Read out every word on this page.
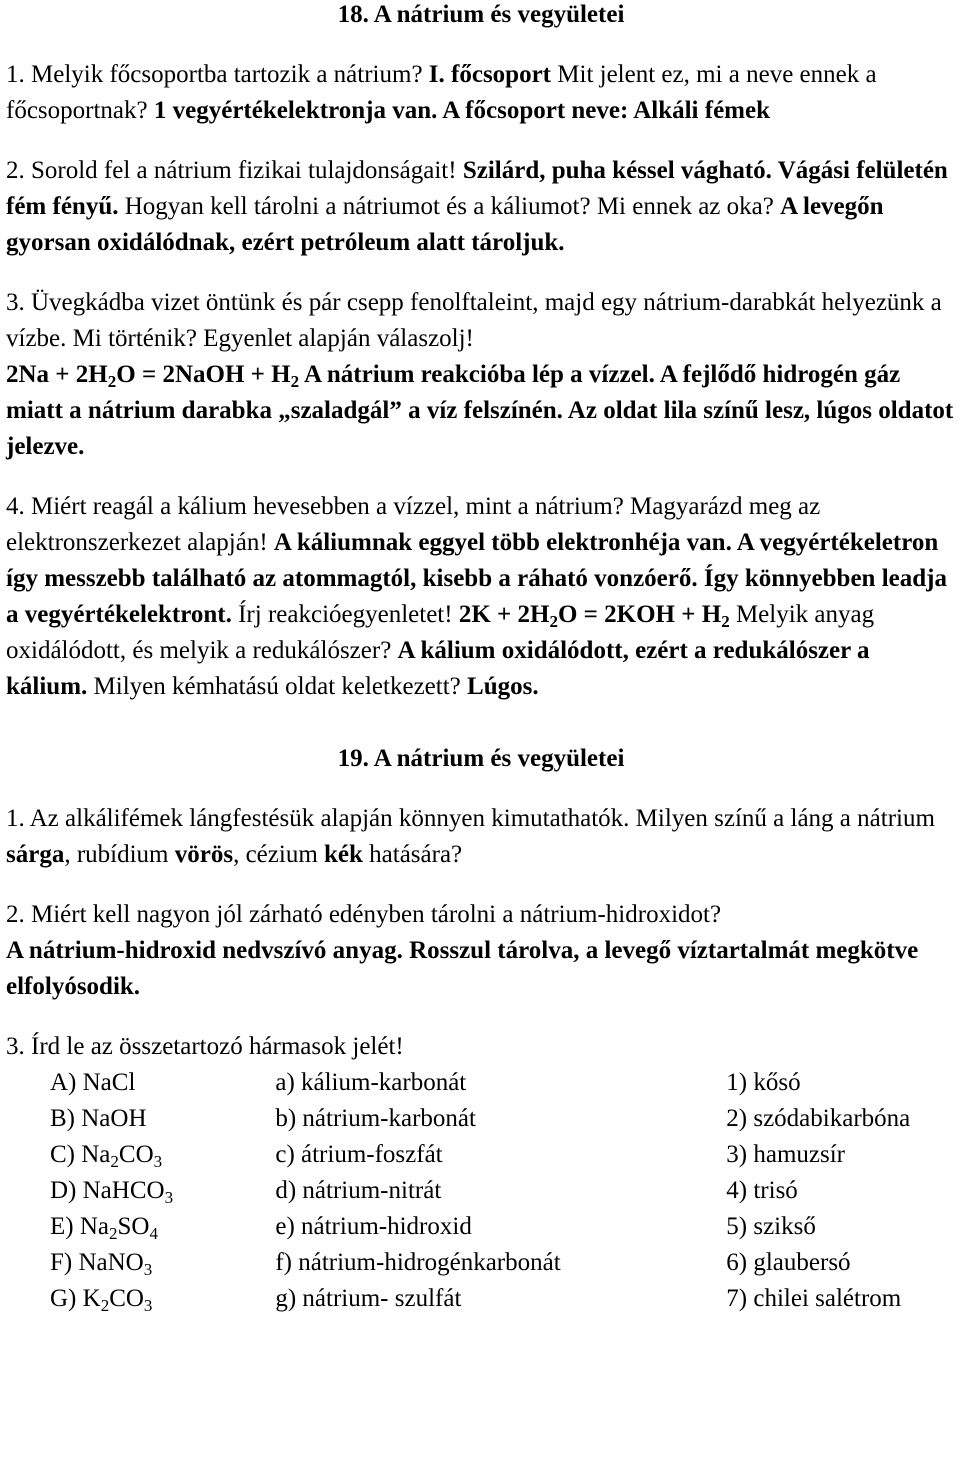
18. A nátrium és vegyületei

1. Melyik főcsoportba tartozik a nátrium? I. főcsoport Mit jelent ez, mi a neve ennek a főcsoportnak? 1 vegyértékelektronja van. A főcsoport neve: Alkáli fémek

2. Sorold fel a nátrium fizikai tulajdonságait! Szilárd, puha késsel vágható. Vágási felületén fém fényű. Hogyan kell tárolni a nátriumot és a káliumot? Mi ennek az oka? A levegőn gyorsan oxidálódnak, ezért petróleum alatt tároljuk.

3. Üvegkádba vizet öntünk és pár csepp fenolftaleint, majd egy nátrium-darabkát helyezünk a vízbe. Mi történik? Egyenlet alapján válaszolj!
$2Na + 2H_2O$ = 2NaOH + $H_2$ A nátrium reakcióba lép a vízzel. A fejlődő hidrogén gáz miatt a nátrium darabka „szaladgál” a víz felszínén. Az oldat lila színű lesz, lúgos oldatot jelezve.

4. Miért reagál a kálium hevesebben a vízzel, mint a nátrium? Magyarázd meg az elektronszerkezet alapján! A káliumnak eggyel több elektronhéja van. A vegyértékeletron így messzebb található az atommagtól, kisebb a ráható vonzóerő. Így könnyebben leadja a vegyértékelektront. Írj reakcióegyenletet! $2K + 2H_2O = 2KOH + H_2$ Melyik anyag oxidálódott, és melyik a redukálószer? A kálium oxidálódott, ezért a redukálószer a kálium. Milyen kémhatású oldat keletkezett? Lúgos.

19. A nátrium és vegyületei

1. Az alkálifémek lángfestésük alapján könnyen kimutathatók. Milyen színű a láng a nátrium sárga, rubídium vörös, cézium kék hatására?

2. Miért kell nagyon jól zárható edényben tárolni a nátrium-hidroxidot?
A nátrium-hidroxid nedvszívó anyag. Rosszul tárolva, a levegő víztartalmát megkötve elfolyósodik.

3. Írd le az összetartozó hármasok jelét!

A) NaCl	a) kálium-karbonát	1) kősó
B) NaOH	b) nátrium-karbonát	2) szódabikarbóna
C) $Na_2CO_3$	c) átrium-foszfát	3) hamuzsír
D) NaHCO$_3$	d) nátrium-nitrát	4) trisó
E) $Na_2SO_4$	e) nátrium-hidroxid	5) szikső
F) NaNO$_3$	f) nátrium-hidrogénkarbonát	6) glaubersó
G) $K_2CO_3$	g) nátrium- szulfát	7) chilei salétrom
